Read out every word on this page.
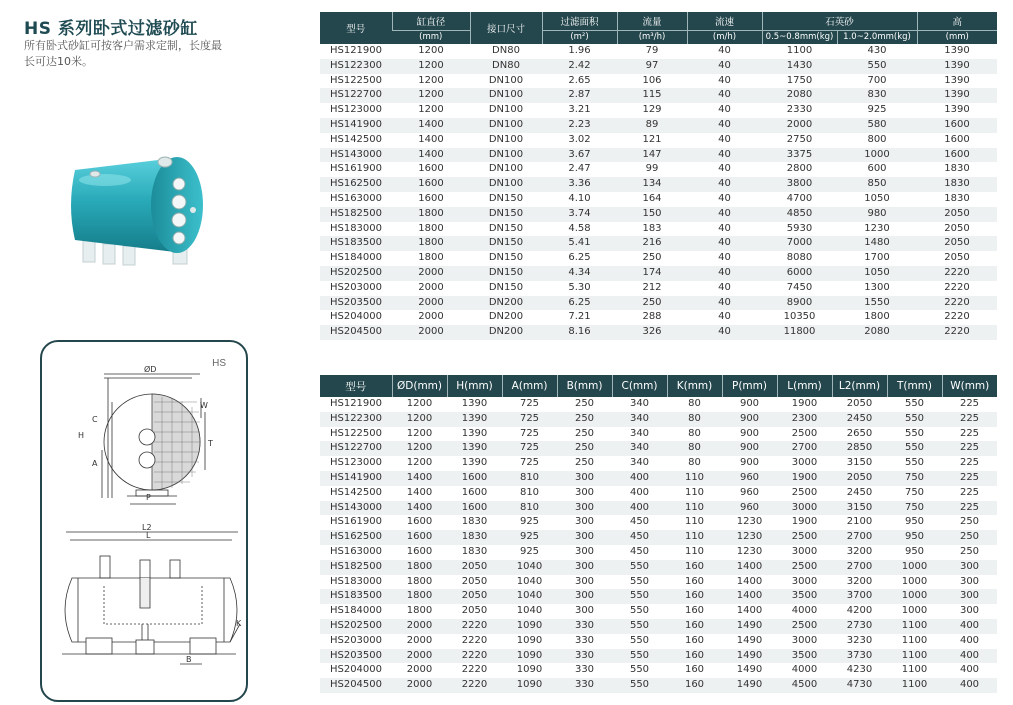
HS 系列卧式过滤砂缸
所有卧式砂缸可按客户需求定制，长度最长可达10米。
HS
ØD
H
C
A
P
W
T
L2
L
K
B
型号	缸直径	接口尺寸	过滤面积	流量	流速	石英砂		高
	(mm)		(m²)	(m³/h)	(m/h)	0.5~0.8mm(kg)	1.0~2.0mm(kg)	(mm)
HS121900	1200	DN80	1.96	79	40	1100	430	1390
HS122300	1200	DN80	2.42	97	40	1430	550	1390
HS122500	1200	DN100	2.65	106	40	1750	700	1390
HS122700	1200	DN100	2.87	115	40	2080	830	1390
HS123000	1200	DN100	3.21	129	40	2330	925	1390
HS141900	1400	DN100	2.23	89	40	2000	580	1600
HS142500	1400	DN100	3.02	121	40	2750	800	1600
HS143000	1400	DN100	3.67	147	40	3375	1000	1600
HS161900	1600	DN100	2.47	99	40	2800	600	1830
HS162500	1600	DN100	3.36	134	40	3800	850	1830
HS163000	1600	DN150	4.10	164	40	4700	1050	1830
HS182500	1800	DN150	3.74	150	40	4850	980	2050
HS183000	1800	DN150	4.58	183	40	5930	1230	2050
HS183500	1800	DN150	5.41	216	40	7000	1480	2050
HS184000	1800	DN150	6.25	250	40	8080	1700	2050
HS202500	2000	DN150	4.34	174	40	6000	1050	2220
HS203000	2000	DN150	5.30	212	40	7450	1300	2220
HS203500	2000	DN200	6.25	250	40	8900	1550	2220
HS204000	2000	DN200	7.21	288	40	10350	1800	2220
HS204500	2000	DN200	8.16	326	40	11800	2080	2220
型号	ØD(mm)	H(mm)	A(mm)	B(mm)	C(mm)	K(mm)	P(mm)	L(mm)	L2(mm)	T(mm)	W(mm)
HS121900	1200	1390	725	250	340	80	900	1900	2050	550	225
HS122300	1200	1390	725	250	340	80	900	2300	2450	550	225
HS122500	1200	1390	725	250	340	80	900	2500	2650	550	225
HS122700	1200	1390	725	250	340	80	900	2700	2850	550	225
HS123000	1200	1390	725	250	340	80	900	3000	3150	550	225
HS141900	1400	1600	810	300	400	110	960	1900	2050	750	225
HS142500	1400	1600	810	300	400	110	960	2500	2450	750	225
HS143000	1400	1600	810	300	400	110	960	3000	3150	750	225
HS161900	1600	1830	925	300	450	110	1230	1900	2100	950	250
HS162500	1600	1830	925	300	450	110	1230	2500	2700	950	250
HS163000	1600	1830	925	300	450	110	1230	3000	3200	950	250
HS182500	1800	2050	1040	300	550	160	1400	2500	2700	1000	300
HS183000	1800	2050	1040	300	550	160	1400	3000	3200	1000	300
HS183500	1800	2050	1040	300	550	160	1400	3500	3700	1000	300
HS184000	1800	2050	1040	300	550	160	1400	4000	4200	1000	300
HS202500	2000	2220	1090	330	550	160	1490	2500	2730	1100	400
HS203000	2000	2220	1090	330	550	160	1490	3000	3230	1100	400
HS203500	2000	2220	1090	330	550	160	1490	3500	3730	1100	400
HS204000	2000	2220	1090	330	550	160	1490	4000	4230	1100	400
HS204500	2000	2220	1090	330	550	160	1490	4500	4730	1100	400
